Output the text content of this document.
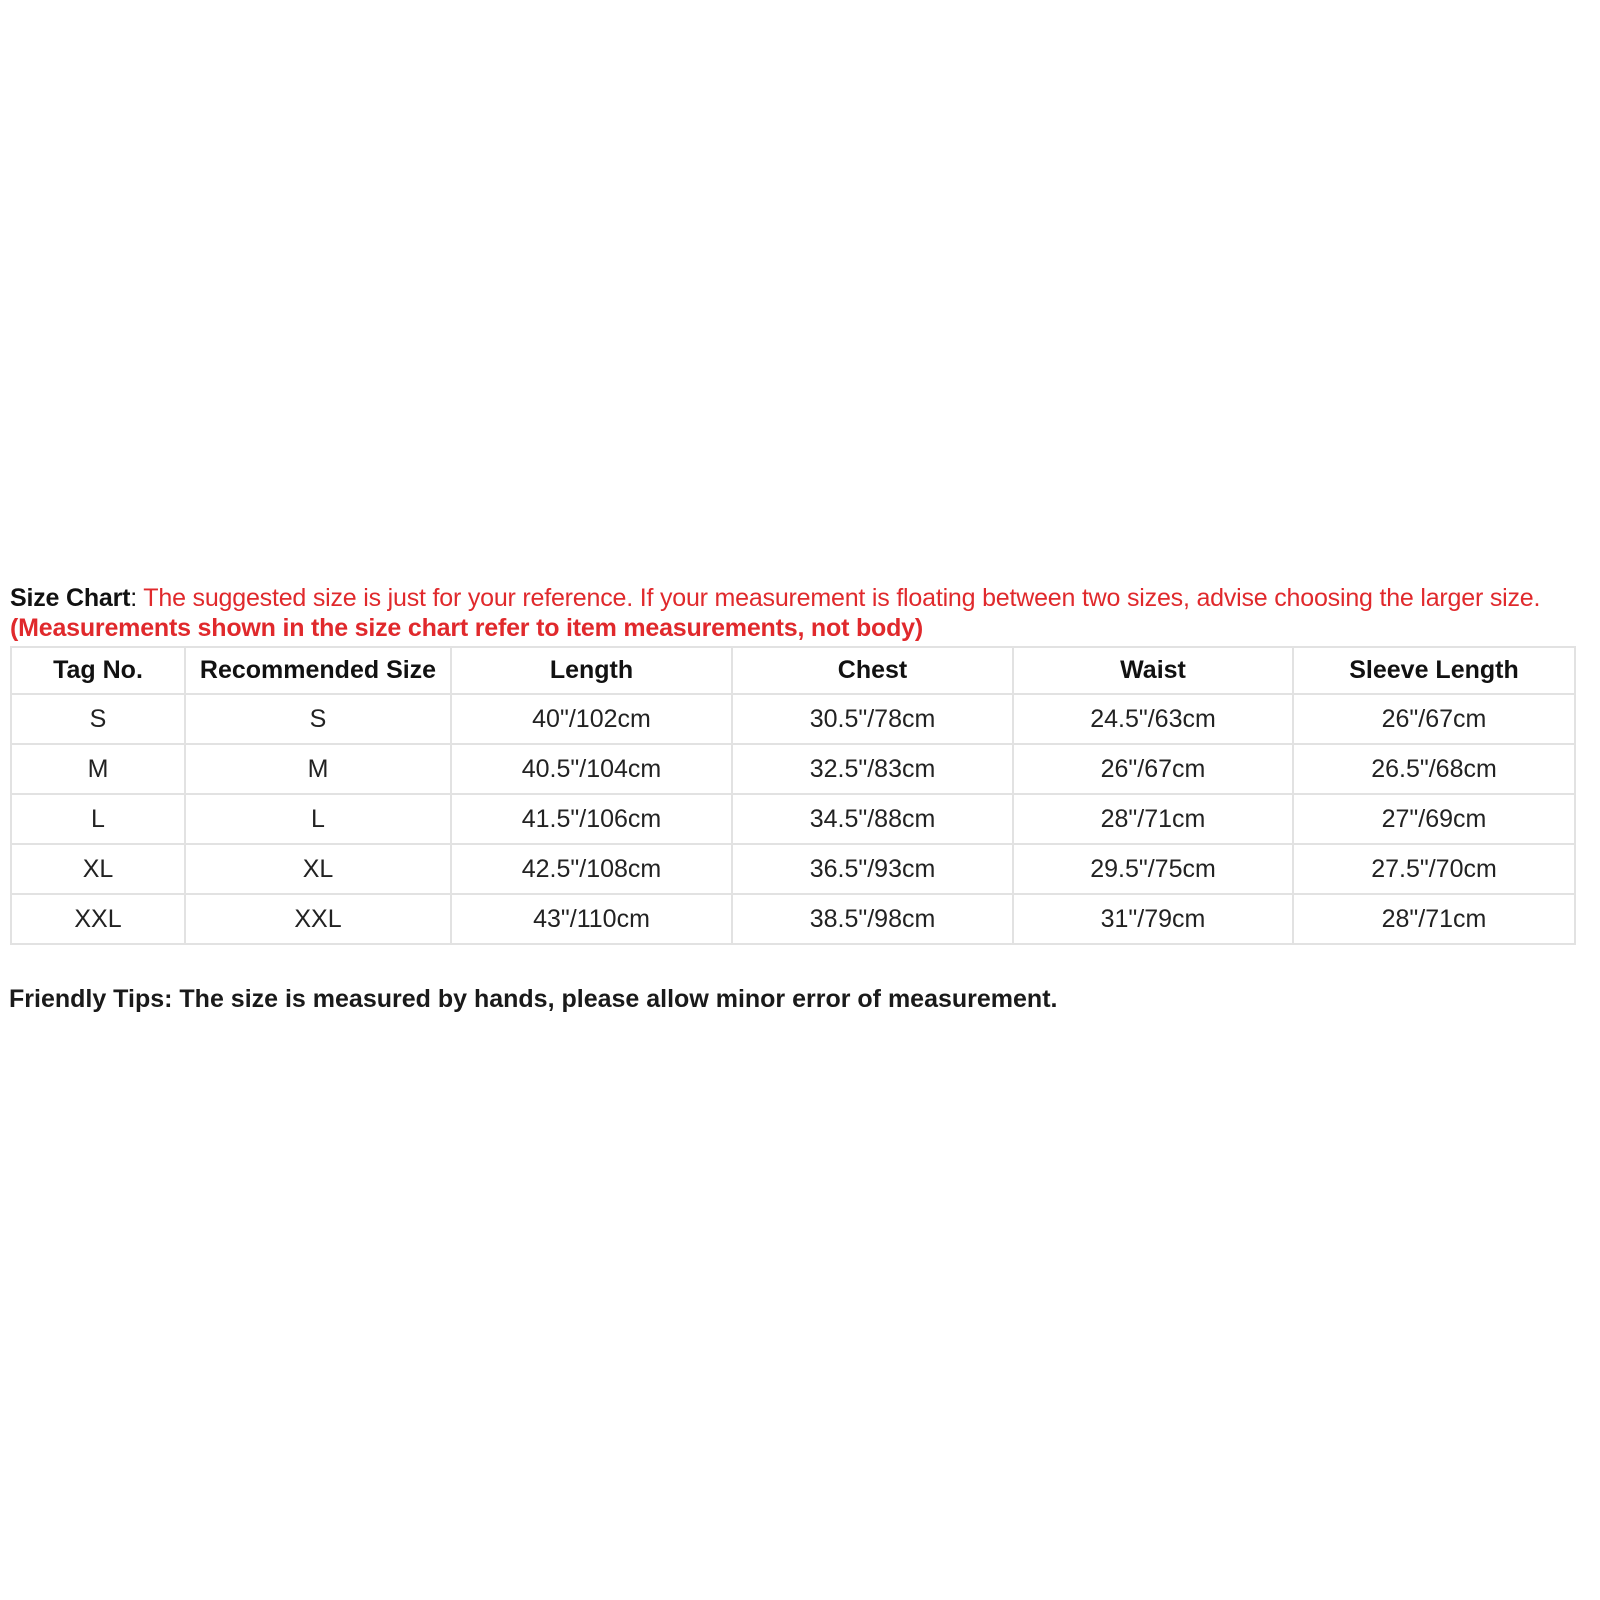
Size Chart: The suggested size is just for your reference. If your measurement is floating between two sizes, advise choosing the larger size. (Measurements shown in the size chart refer to item measurements, not body)
Tag No.	Recommended Size	Length	Chest	Waist	Sleeve Length
S	S	40"/102cm	30.5"/78cm	24.5"/63cm	26"/67cm
M	M	40.5"/104cm	32.5"/83cm	26"/67cm	26.5"/68cm
L	L	41.5"/106cm	34.5"/88cm	28"/71cm	27"/69cm
XL	XL	42.5"/108cm	36.5"/93cm	29.5"/75cm	27.5"/70cm
XXL	XXL	43"/110cm	38.5"/98cm	31"/79cm	28"/71cm
Friendly Tips: The size is measured by hands, please allow minor error of measurement.
